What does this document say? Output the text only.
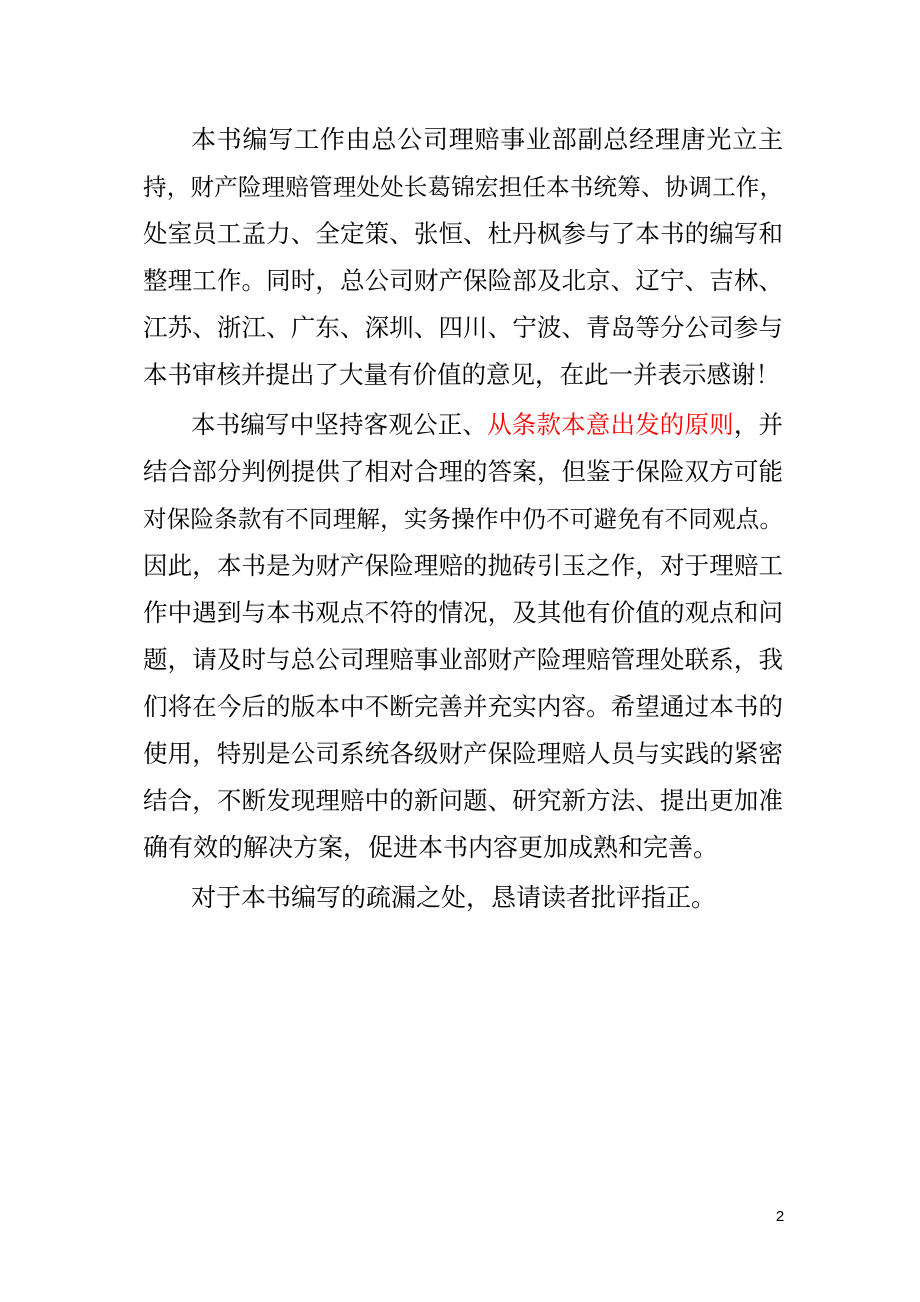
本书编写工作由总公司理赔事业部副总经理唐光立主
持，财产险理赔管理处处长葛锦宏担任本书统筹、协调工作，
处室员工孟力、全定策、张恒、杜丹枫参与了本书的编写和
整理工作。同时，总公司财产保险部及北京、辽宁、吉林、
江苏、浙江、广东、深圳、四川、宁波、青岛等分公司参与
本书审核并提出了大量有价值的意见，在此一并表示感谢！
本书编写中坚持客观公正、从条款本意出发的原则，并
结合部分判例提供了相对合理的答案，但鉴于保险双方可能
对保险条款有不同理解，实务操作中仍不可避免有不同观点。
因此，本书是为财产保险理赔的抛砖引玉之作，对于理赔工
作中遇到与本书观点不符的情况，及其他有价值的观点和问
题，请及时与总公司理赔事业部财产险理赔管理处联系，我
们将在今后的版本中不断完善并充实内容。希望通过本书的
使用，特别是公司系统各级财产保险理赔人员与实践的紧密
结合，不断发现理赔中的新问题、研究新方法、提出更加准
确有效的解决方案，促进本书内容更加成熟和完善。
对于本书编写的疏漏之处，恳请读者批评指正。
2
